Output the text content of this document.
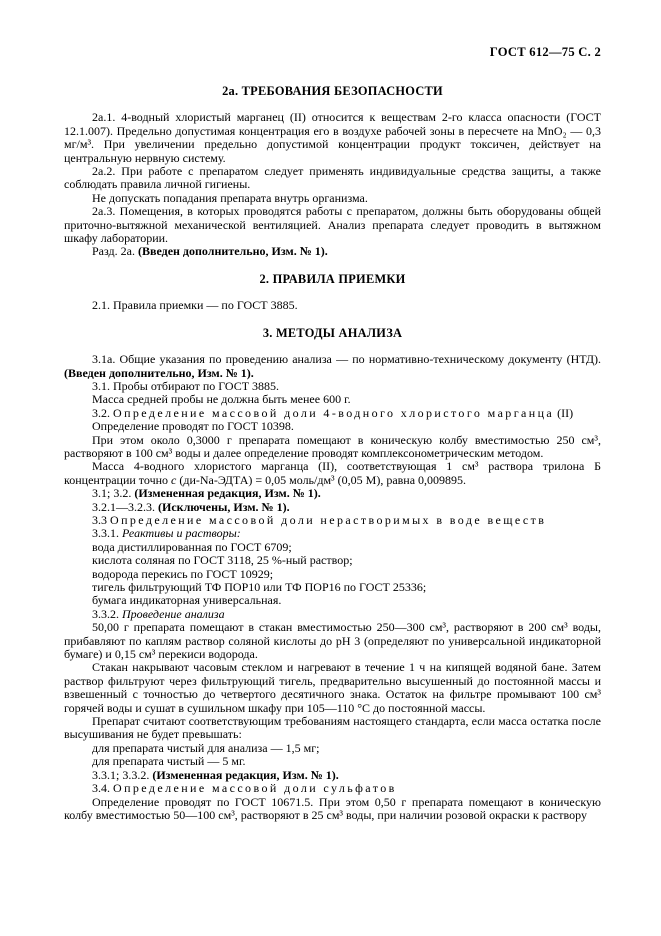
ГОСТ 612—75 С. 2

2а. ТРЕБОВАНИЯ БЕЗОПАСНОСТИ

2а.1. 4-водный хлористый марганец (II) относится к веществам 2-го класса опасности (ГОСТ 12.1.007). Предельно допустимая концентрация его в воздухе рабочей зоны в пересчете на MnO₂ — 0,3 мг/м³. При увеличении предельно допустимой концентрации продукт токсичен, действует на центральную нервную систему.

2а.2. При работе с препаратом следует применять индивидуальные средства защиты, а также соблюдать правила личной гигиены.

Не допускать попадания препарата внутрь организма.

2а.3. Помещения, в которых проводятся работы с препаратом, должны быть оборудованы общей приточно-вытяжной механической вентиляцией. Анализ препарата следует проводить в вытяжном шкафу лаборатории.

Разд. 2а. (Введен дополнительно, Изм. № 1).

2. ПРАВИЛА ПРИЕМКИ

2.1. Правила приемки — по ГОСТ 3885.

3. МЕТОДЫ АНАЛИЗА

3.1а. Общие указания по проведению анализа — по нормативно-техническому документу (НТД). (Введен дополнительно, Изм. № 1).

3.1. Пробы отбирают по ГОСТ 3885.

Масса средней пробы не должна быть менее 600 г.

3.2. Определение массовой доли 4-водного хлористого марганца (II)

Определение проводят по ГОСТ 10398.

При этом около 0,3000 г препарата помещают в коническую колбу вместимостью 250 см³, растворяют в 100 см³ воды и далее определение проводят комплексонометрическим методом.

Масса 4-водного хлористого марганца (II), соответствующая 1 см³ раствора трилона Б концентрации точно с (ди-Na-ЭДТА) = 0,05 моль/дм³ (0,05 М), равна 0,009895.

3.1; 3.2. (Измененная редакция, Изм. № 1).

3.2.1—3.2.3. (Исключены, Изм. № 1).

3.3 Определение массовой доли нерастворимых в воде веществ

3.3.1. Реактивы и растворы:

вода дистиллированная по ГОСТ 6709;

кислота соляная по ГОСТ 3118, 25 %-ный раствор;

водорода перекись по ГОСТ 10929;

тигель фильтрующий ТФ ПОР10 или ТФ ПОР16 по ГОСТ 25336;

бумага индикаторная универсальная.

3.3.2. Проведение анализа

50,00 г препарата помещают в стакан вместимостью 250—300 см³, растворяют в 200 см³ воды, прибавляют по каплям раствор соляной кислоты до рН 3 (определяют по универсальной индикаторной бумаге) и 0,15 см³ перекиси водорода.

Стакан накрывают часовым стеклом и нагревают в течение 1 ч на кипящей водяной бане. Затем раствор фильтруют через фильтрующий тигель, предварительно высушенный до постоянной массы и взвешенный с точностью до четвертого десятичного знака. Остаток на фильтре промывают 100 см³ горячей воды и сушат в сушильном шкафу при 105—110 °С до постоянной массы.

Препарат считают соответствующим требованиям настоящего стандарта, если масса остатка после высушивания не будет превышать:

для препарата чистый для анализа — 1,5 мг;

для препарата чистый — 5 мг.

3.3.1; 3.3.2. (Измененная редакция, Изм. № 1).

3.4. Определение массовой доли сульфатов

Определение проводят по ГОСТ 10671.5. При этом 0,50 г препарата помещают в коническую колбу вместимостью 50—100 см³, растворяют в 25 см³ воды, при наличии розовой окраски к раствору
